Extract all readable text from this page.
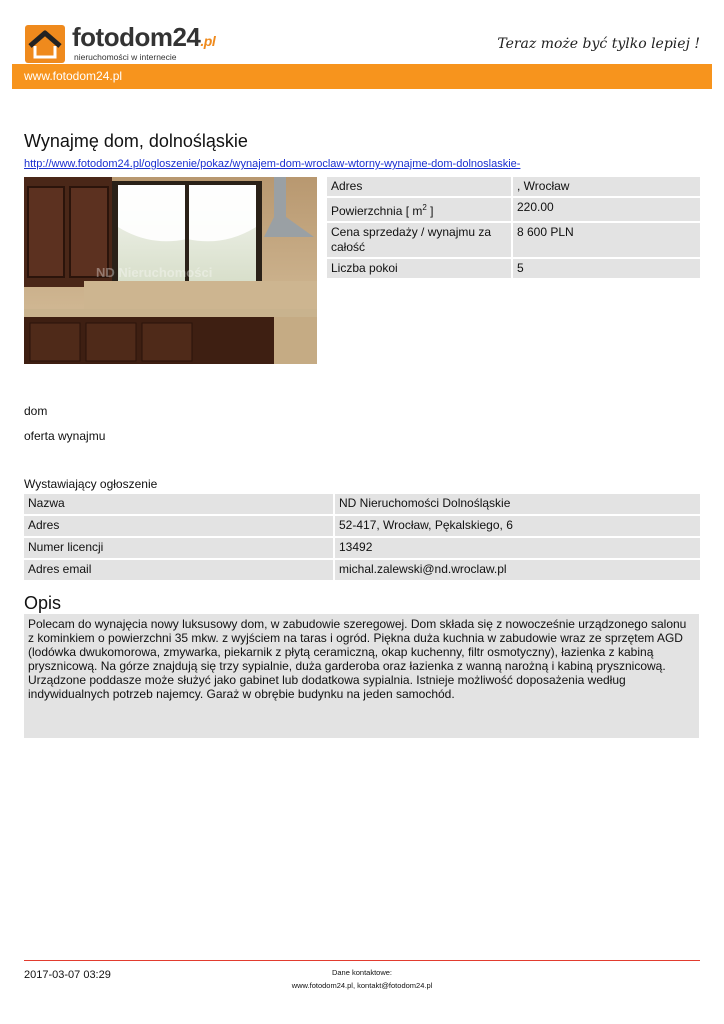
fotodom24.pl
nieruchomości w internecie
Teraz może być tylko lepiej !
www.fotodom24.pl
Wynajmę dom, dolnośląskie
http://www.fotodom24.pl/ogloszenie/pokaz/wynajem-dom-wroclaw-wtorny-wynajme-dom-dolnoslaskie-
ND Nieruchomości
Adres	, Wrocław
Powierzchnia [ $m^2$ ]	220.00
Cena sprzedaży / wynajmu za całość	8 600 PLN
Liczba pokoi	5
dom
oferta wynajmu
Wystawiający ogłoszenie
Nazwa	ND Nieruchomości Dolnośląskie
Adres	52-417, Wrocław, Pękalskiego, 6
Numer licencji	13492
Adres email	michal.zalewski@nd.wroclaw.pl
Opis
Polecam do wynajęcia nowy luksusowy dom, w zabudowie szeregowej. Dom składa się z nowocześnie urządzonego salonu z kominkiem o powierzchni 35 mkw. z wyjściem na taras i ogród. Piękna duża kuchnia w zabudowie wraz ze sprzętem AGD (lodówka dwukomorowa, zmywarka, piekarnik z płytą ceramiczną, okap kuchenny, filtr osmotyczny), łazienka z kabiną prysznicową. Na górze znajdują się trzy sypialnie, duża garderoba oraz łazienka z wanną narożną i kabiną prysznicową. Urządzone poddasze może służyć jako gabinet lub dodatkowa sypialnia. Istnieje możliwość doposażenia według indywidualnych potrzeb najemcy. Garaż w obrębie budynku na jeden samochód.
2017-03-07 03:29	Dane kontaktowe:
www.fotodom24.pl, kontakt@fotodom24.pl
